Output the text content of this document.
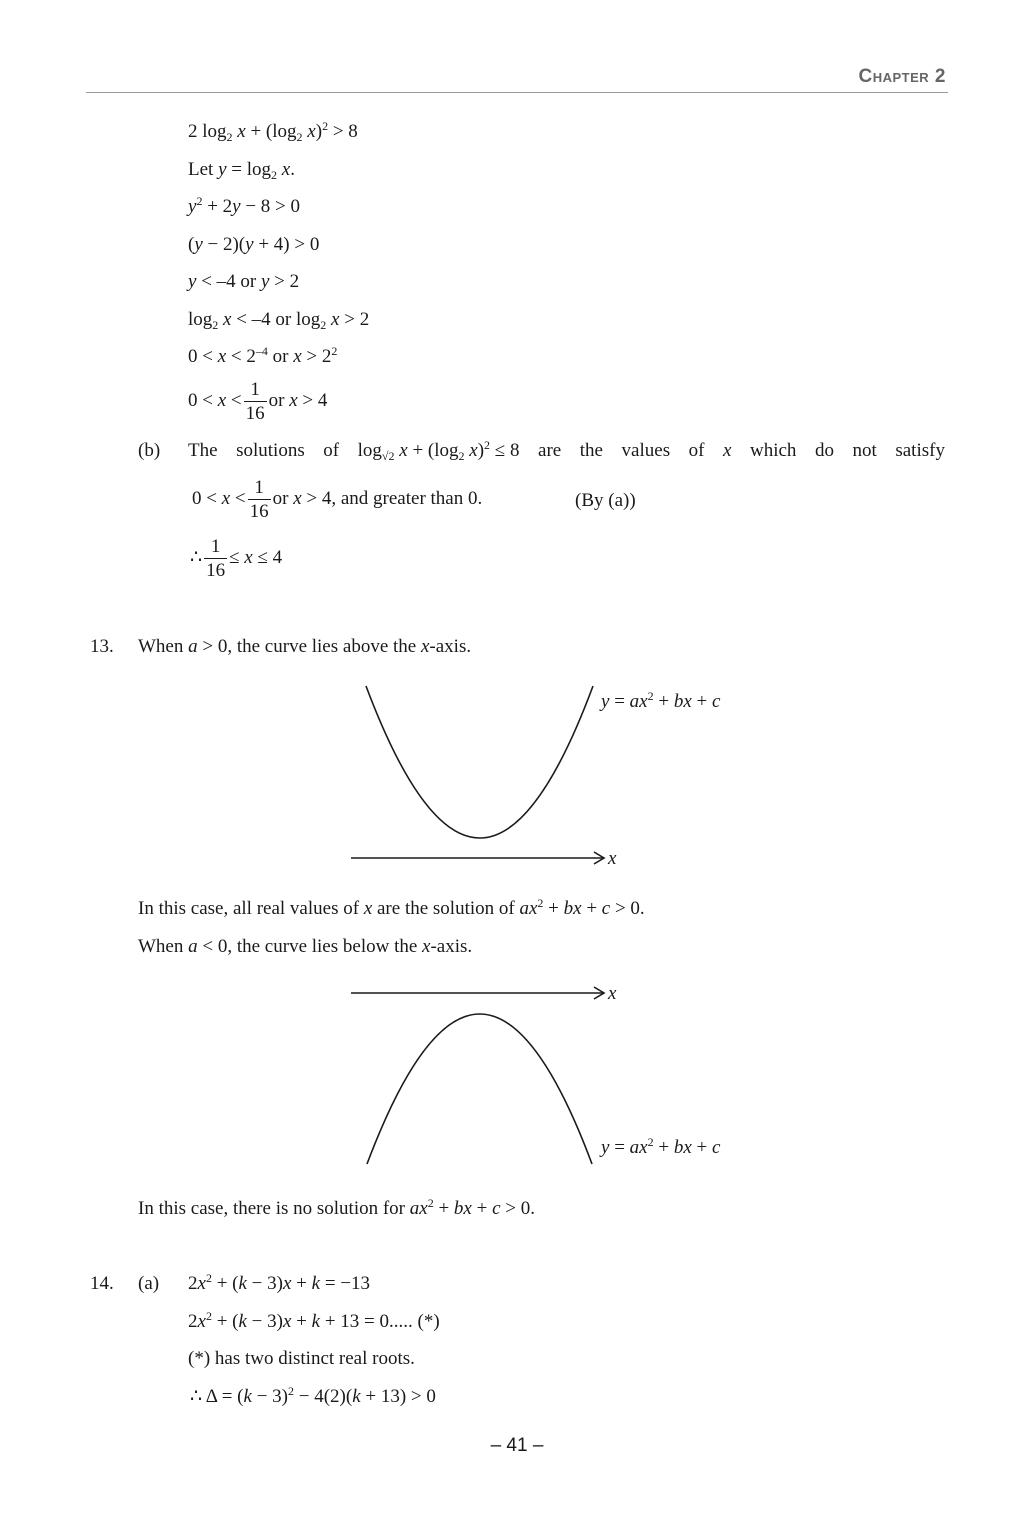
Chapter 2
2 $\log_2 x + (\log_2$ x)$^2$ > 8
Let $y = \log_2 x$.
$y^2 + 2y - 8 > 0$
(y − 2)(y + 4) > 0
y < –4 or y > 2
$\log_2 x < -4$ or $\log_2 x > 2$
$0 < x < 2^{-4}$ or $x > 2^2$
$0 < x < \frac{1}{16}$ or x > 4
(b) The solutions of $\log_{√2} x + (\log_2$ x)$^2$ ≤ 8 are the values of x which do not satisfy
$0 < x < \frac{1}{16}$ or x > 4, and greater than 0.	(By (a))
∴ $\frac{1}{16} \le x \le 4$
13. When a > 0, the curve lies above the x-axis.
$y = ax^2$ + bx + c
x
In this case, all real values of x are the solution of $ax^2$ + bx + c > 0.
When a < 0, the curve lies below the x-axis.
x
$y = ax^2$ + bx + c
In this case, there is no solution for $ax^2$ + bx + c > 0.
14. (a) $2x^2 + (k - 3)x + k = -13$
$2x^2 + (k - 3)x + k + 13 = 0$..... (*)
(*) has two distinct real roots.
∴ $\Delta = (k - 3)^2 - 4(2)(k + 13) > 0$
– 41 –
